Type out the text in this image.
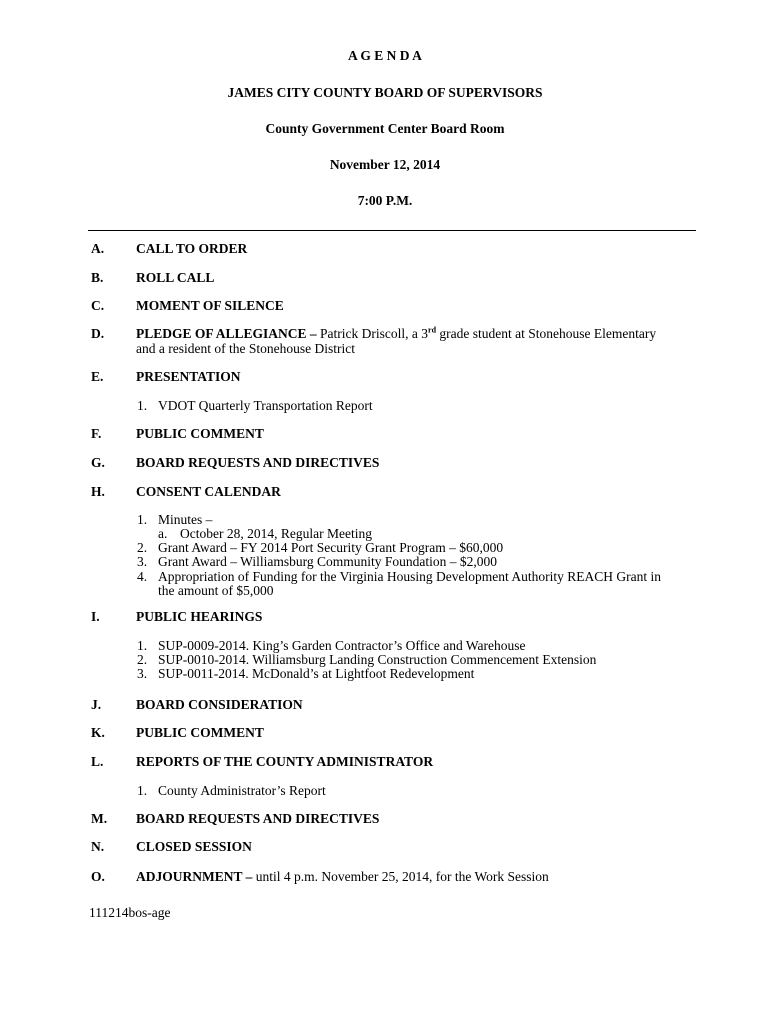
A G E N D A
JAMES CITY COUNTY BOARD OF SUPERVISORS
County Government Center Board Room
November 12, 2014
7:00 P.M.
A. CALL TO ORDER
B. ROLL CALL
C. MOMENT OF SILENCE
D. PLEDGE OF ALLEGIANCE – Patrick Driscoll, a 3rd grade student at Stonehouse Elementary
and a resident of the Stonehouse District
E. PRESENTATION
1. VDOT Quarterly Transportation Report
F.	PUBLIC COMMENT
G. BOARD REQUESTS AND DIRECTIVES
H. CONSENT CALENDAR
1. Minutes –
a. October 28, 2014, Regular Meeting
2. Grant Award – FY 2014 Port Security Grant Program – $60,000
3. Grant Award – Williamsburg Community Foundation – $2,000
4. Appropriation of Funding for the Virginia Housing Development Authority REACH Grant in
the amount of $5,000
I.	PUBLIC HEARINGS
1. SUP-0009-2014. King’s Garden Contractor’s Office and Warehouse
2. SUP-0010-2014. Williamsburg Landing Construction Commencement Extension
3. SUP-0011-2014. McDonald’s at Lightfoot Redevelopment
J.	BOARD CONSIDERATION
K. PUBLIC COMMENT
L. REPORTS OF THE COUNTY ADMINISTRATOR
1. County Administrator’s Report
M. BOARD REQUESTS AND DIRECTIVES
N. CLOSED SESSION
O. ADJOURNMENT – until 4 p.m. November 25, 2014, for the Work Session
111214bos-age
